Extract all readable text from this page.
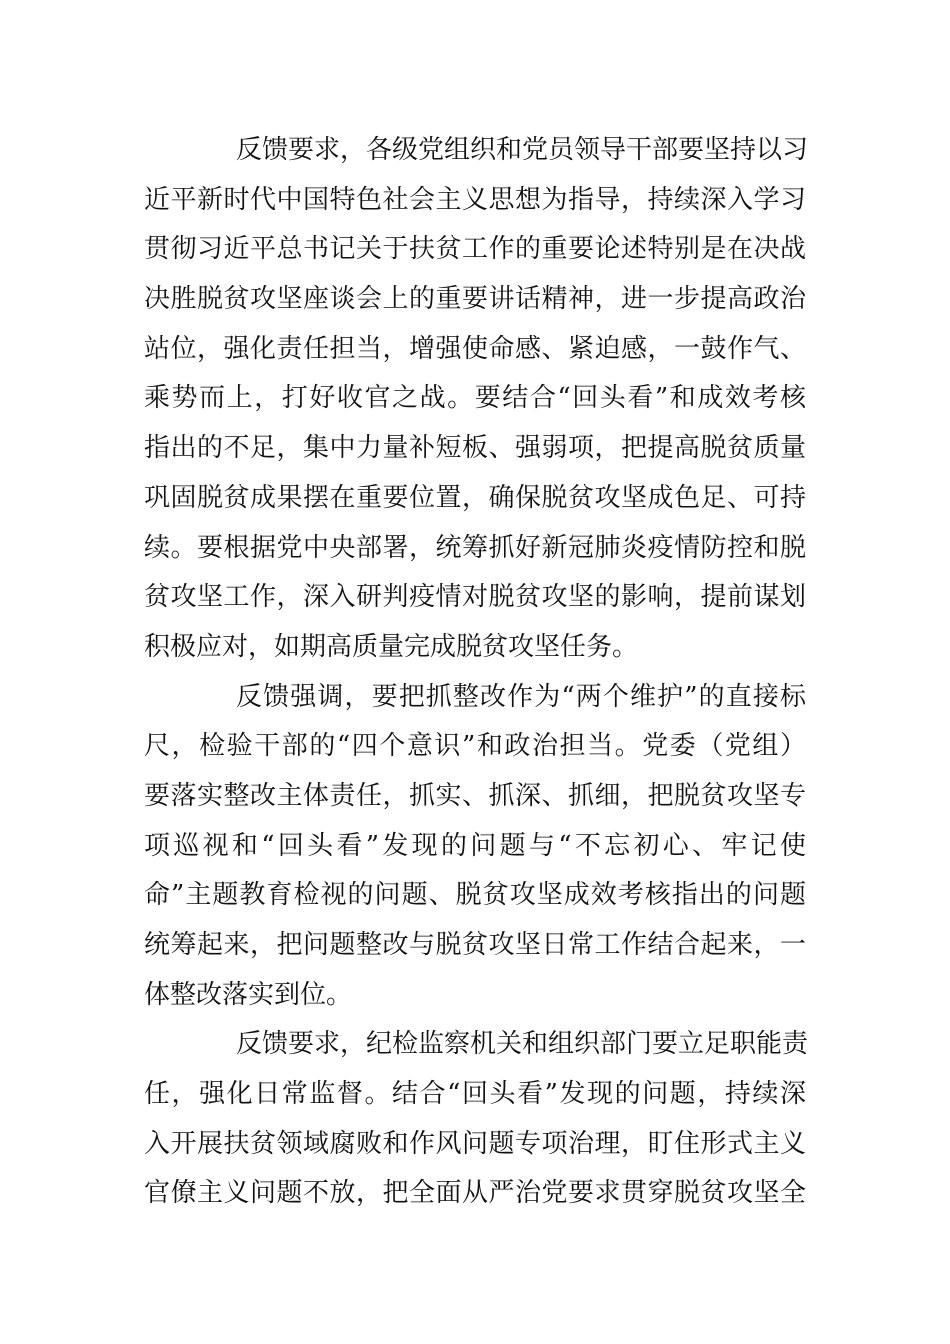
反馈要求，各级党组织和党员领导干部要坚持以习
近平新时代中国特色社会主义思想为指导，持续深入学习
贯彻习近平总书记关于扶贫工作的重要论述特别是在决战
决胜脱贫攻坚座谈会上的重要讲话精神，进一步提高政治
站位，强化责任担当，增强使命感、紧迫感，一鼓作气、
乘势而上，打好收官之战。要结合“回头看”和成效考核
指出的不足，集中力量补短板、强弱项，把提高脱贫质量
巩固脱贫成果摆在重要位置，确保脱贫攻坚成色足、可持
续。要根据党中央部署，统筹抓好新冠肺炎疫情防控和脱
贫攻坚工作，深入研判疫情对脱贫攻坚的影响，提前谋划
积极应对，如期高质量完成脱贫攻坚任务。
反馈强调，要把抓整改作为“两个维护”的直接标
尺，检验干部的“四个意识”和政治担当。党委（党组）
要落实整改主体责任，抓实、抓深、抓细，把脱贫攻坚专
项巡视和“回头看”发现的问题与“不忘初心、牢记使
命”主题教育检视的问题、脱贫攻坚成效考核指出的问题
统筹起来，把问题整改与脱贫攻坚日常工作结合起来，一
体整改落实到位。
反馈要求，纪检监察机关和组织部门要立足职能责
任，强化日常监督。结合“回头看”发现的问题，持续深
入开展扶贫领域腐败和作风问题专项治理，盯住形式主义
官僚主义问题不放，把全面从严治党要求贯穿脱贫攻坚全
